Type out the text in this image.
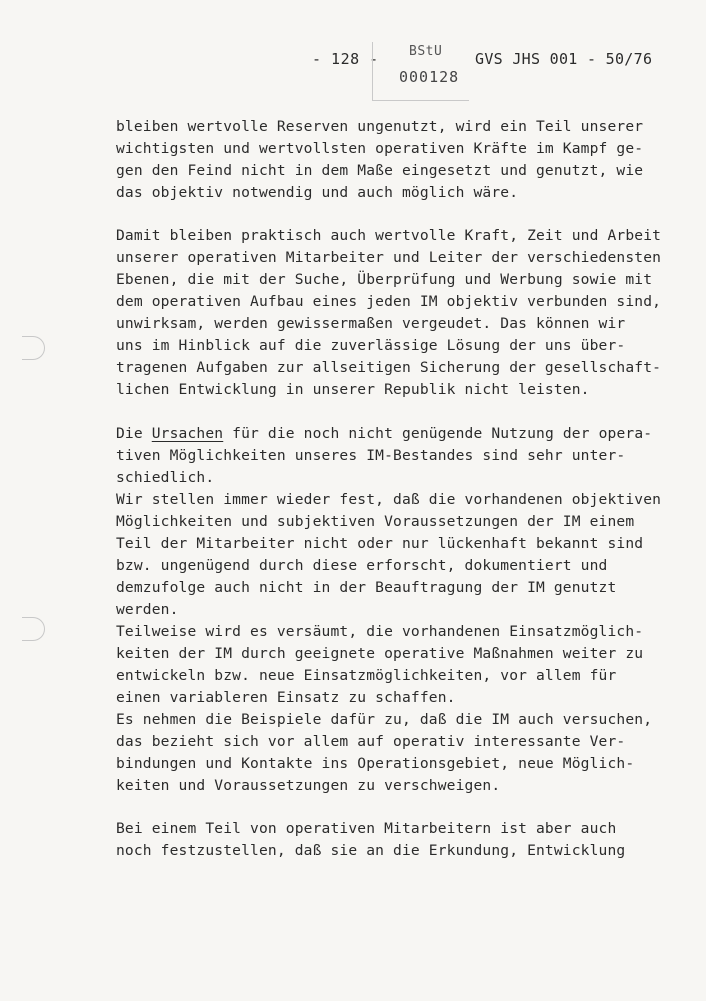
- 128 - BStU
000128
GVS JHS 001 - 50/76
bleiben wertvolle Reserven ungenutzt, wird ein Teil unserer
wichtigsten und wertvollsten operativen Kräfte im Kampf ge-
gen den Feind nicht in dem Maße eingesetzt und genutzt, wie
das objektiv notwendig und auch möglich wäre.
Damit bleiben praktisch auch wertvolle Kraft, Zeit und Arbeit
unserer operativen Mitarbeiter und Leiter der verschiedensten
Ebenen, die mit der Suche, Überprüfung und Werbung sowie mit
dem operativen Aufbau eines jeden IM objektiv verbunden sind,
unwirksam, werden gewissermaßen vergeudet. Das können wir
uns im Hinblick auf die zuverlässige Lösung der uns über-
tragenen Aufgaben zur allseitigen Sicherung der gesellschaft-
lichen Entwicklung in unserer Republik nicht leisten.
Die Ursachen für die noch nicht genügende Nutzung der opera-
tiven Möglichkeiten unseres IM-Bestandes sind sehr unter-
schiedlich.
Wir stellen immer wieder fest, daß die vorhandenen objektiven
Möglichkeiten und subjektiven Voraussetzungen der IM einem
Teil der Mitarbeiter nicht oder nur lückenhaft bekannt sind
bzw. ungenügend durch diese erforscht, dokumentiert und
demzufolge auch nicht in der Beauftragung der IM genutzt
werden.
Teilweise wird es versäumt, die vorhandenen Einsatzmöglich-
keiten der IM durch geeignete operative Maßnahmen weiter zu
entwickeln bzw. neue Einsatzmöglichkeiten, vor allem für
einen variableren Einsatz zu schaffen.
Es nehmen die Beispiele dafür zu, daß die IM auch versuchen,
das bezieht sich vor allem auf operativ interessante Ver-
bindungen und Kontakte ins Operationsgebiet, neue Möglich-
keiten und Voraussetzungen zu verschweigen.
Bei einem Teil von operativen Mitarbeitern ist aber auch
noch festzustellen, daß sie an die Erkundung, Entwicklung
